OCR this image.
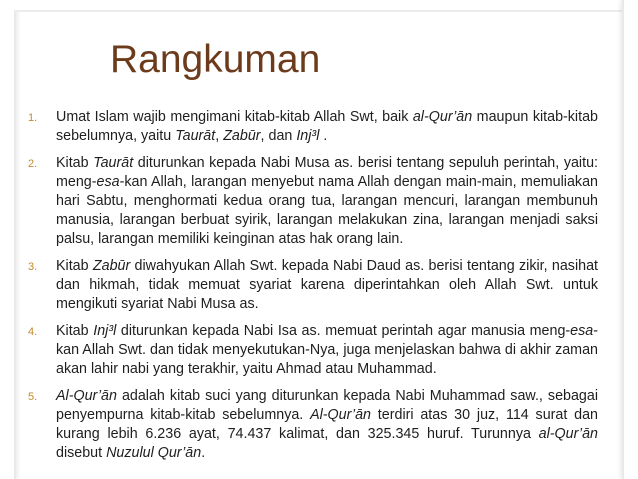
Rangkuman
1.	Umat Islam wajib mengimani kitab-kitab Allah Swt, baik al-Qur’ān maupun kitab-kitab sebelumnya, yaitu Taurāt, Zabūr, dan Inj³l .
2.	Kitab Taurāt diturunkan kepada Nabi Musa as. berisi tentang sepuluh perintah, yaitu: meng-esa-kan Allah, larangan menyebut nama Allah dengan main-main, memuliakan hari Sabtu, menghormati kedua orang tua, larangan mencuri, larangan membunuh manusia, larangan berbuat syirik, larangan melakukan zina, larangan menjadi saksi palsu, larangan memiliki keinginan atas hak orang lain.
3.	Kitab Zabūr diwahyukan Allah Swt. kepada Nabi Daud as. berisi tentang zikir, nasihat dan hikmah, tidak memuat syariat karena diperintahkan oleh Allah Swt. untuk mengikuti syariat Nabi Musa as.
4.	Kitab Inj³l diturunkan kepada Nabi Isa as. memuat perintah agar manusia meng-esa-kan Allah Swt. dan tidak menyekutukan-Nya, juga menjelaskan bahwa di akhir zaman akan lahir nabi yang terakhir, yaitu Ahmad atau Muhammad.
5.	Al-Qur’ān adalah kitab suci yang diturunkan kepada Nabi Muhammad saw., sebagai penyempurna kitab-kitab sebelumnya. Al-Qur’ān terdiri atas 30 juz, 114 surat dan kurang lebih 6.236 ayat, 74.437 kalimat, dan 325.345 huruf. Turunnya al-Qur’ān disebut Nuzulul Qur’ān.
